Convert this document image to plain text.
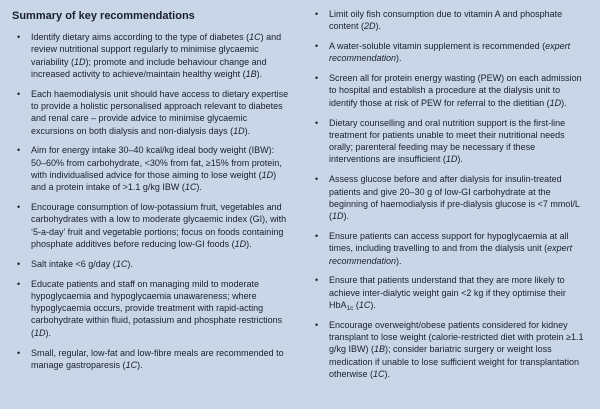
Summary of key recommendations
•	Identify dietary aims according to the type of diabetes (1C) and review nutritional support regularly to minimise glycaemic variability (1D); promote and include behaviour change and increased activity to achieve/maintain healthy weight (1B).
•	Each haemodialysis unit should have access to dietary expertise to provide a holistic personalised approach relevant to diabetes and renal care – provide advice to minimise glycaemic excursions on both dialysis and non-dialysis days (1D).
•	Aim for energy intake 30–40 kcal/kg ideal body weight (IBW): 50–60% from carbohydrate, <30% from fat, ≥15% from protein, with individualised advice for those aiming to lose weight (1D) and a protein intake of >1.1 g/kg IBW (1C).
•	Encourage consumption of low-potassium fruit, vegetables and carbohydrates with a low to moderate glycaemic index (GI), with ‘5-a-day’ fruit and vegetable portions; focus on foods containing phosphate additives before reducing low-GI foods (1D).
•	Salt intake <6 g/day (1C).
•	Educate patients and staff on managing mild to moderate hypoglycaemia and hypoglycaemia unawareness; where hypoglycaemia occurs, provide treatment with rapid-acting carbohydrate within fluid, potassium and phosphate restrictions (1D).
•	Small, regular, low-fat and low-fibre meals are recommended to manage gastroparesis (1C).
•	Limit oily fish consumption due to vitamin A and phosphate content (2D).
•	A water-soluble vitamin supplement is recommended (expert recommendation).
•	Screen all for protein energy wasting (PEW) on each admission to hospital and establish a procedure at the dialysis unit to identify those at risk of PEW for referral to the dietitian (1D).
•	Dietary counselling and oral nutrition support is the first-line treatment for patients unable to meet their nutritional needs orally; parenteral feeding may be necessary if these interventions are insufficient (1D).
•	Assess glucose before and after dialysis for insulin-treated patients and give 20–30 g of low-GI carbohydrate at the beginning of haemodialysis if pre-dialysis glucose is <7 mmol/L (1D).
•	Ensure patients can access support for hypoglycaemia at all times, including travelling to and from the dialysis unit (expert recommendation).
•	Ensure that patients understand that they are more likely to achieve inter-dialytic weight gain <2 kg if they optimise their HbA$_{1c}$ (1C).
•	Encourage overweight/obese patients considered for kidney transplant to lose weight (calorie-restricted diet with protein ≥1.1 g/kg IBW) (1B); consider bariatric surgery or weight loss medication if unable to lose sufficient weight for transplantation otherwise (1C).
